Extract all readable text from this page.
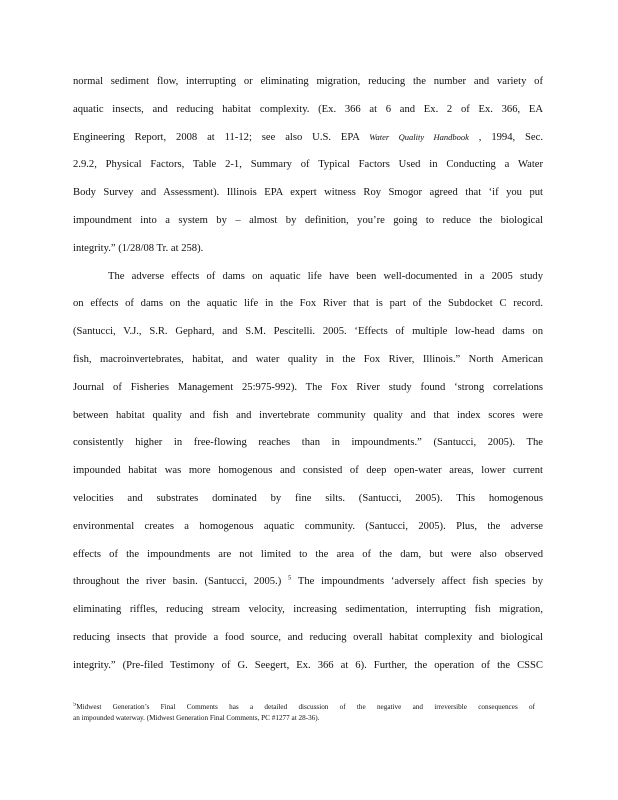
normal sediment flow, interrupting or eliminating migration, reducing the number and variety of
aquatic insects, and reducing habitat complexity. (Ex. 366 at 6 and Ex. 2 of Ex. 366, EA
Engineering Report, 2008 at 11-12; see also U.S. EPA Water Quality Handbook , 1994, Sec.
2.9.2, Physical Factors, Table 2-1, Summary of Typical Factors Used in Conducting a Water
Body Survey and Assessment). Illinois EPA expert witness Roy Smogor agreed that ‘if you put
impoundment into a system by – almost by definition, you’re going to reduce the biological
integrity.” (1/28/08 Tr. at 258).
The adverse effects of dams on aquatic life have been well-documented in a 2005 study
on effects of dams on the aquatic life in the Fox River that is part of the Subdocket C record.
(Santucci, V.J., S.R. Gephard, and S.M. Pescitelli. 2005. ‘Effects of multiple low-head dams on
fish, macroinvertebrates, habitat, and water quality in the Fox River, Illinois.” North American
Journal of Fisheries Management 25:975-992). The Fox River study found ‘strong correlations
between habitat quality and fish and invertebrate community quality and that index scores were
consistently higher in free-flowing reaches than in impoundments.” (Santucci, 2005). The
impounded habitat was more homogenous and consisted of deep open-water areas, lower current
velocities and substrates dominated by fine silts. (Santucci, 2005). This homogenous
environmental creates a homogenous aquatic community. (Santucci, 2005). Plus, the adverse
effects of the impoundments are not limited to the area of the dam, but were also observed
throughout the river basin. (Santucci, 2005.) $^5$ The impoundments ‘adversely affect fish species by
eliminating riffles, reducing stream velocity, increasing sedimentation, interrupting fish migration,
reducing insects that provide a food source, and reducing overall habitat complexity and biological
integrity.” (Pre-filed Testimony of G. Seegert, Ex. 366 at 6). Further, the operation of the CSSC
5Midwest Generation’s Final Comments has a detailed discussion of the negative and irreversible consequences of
an impounded waterway. (Midwest Generation Final Comments, PC #1277 at 28-36).
